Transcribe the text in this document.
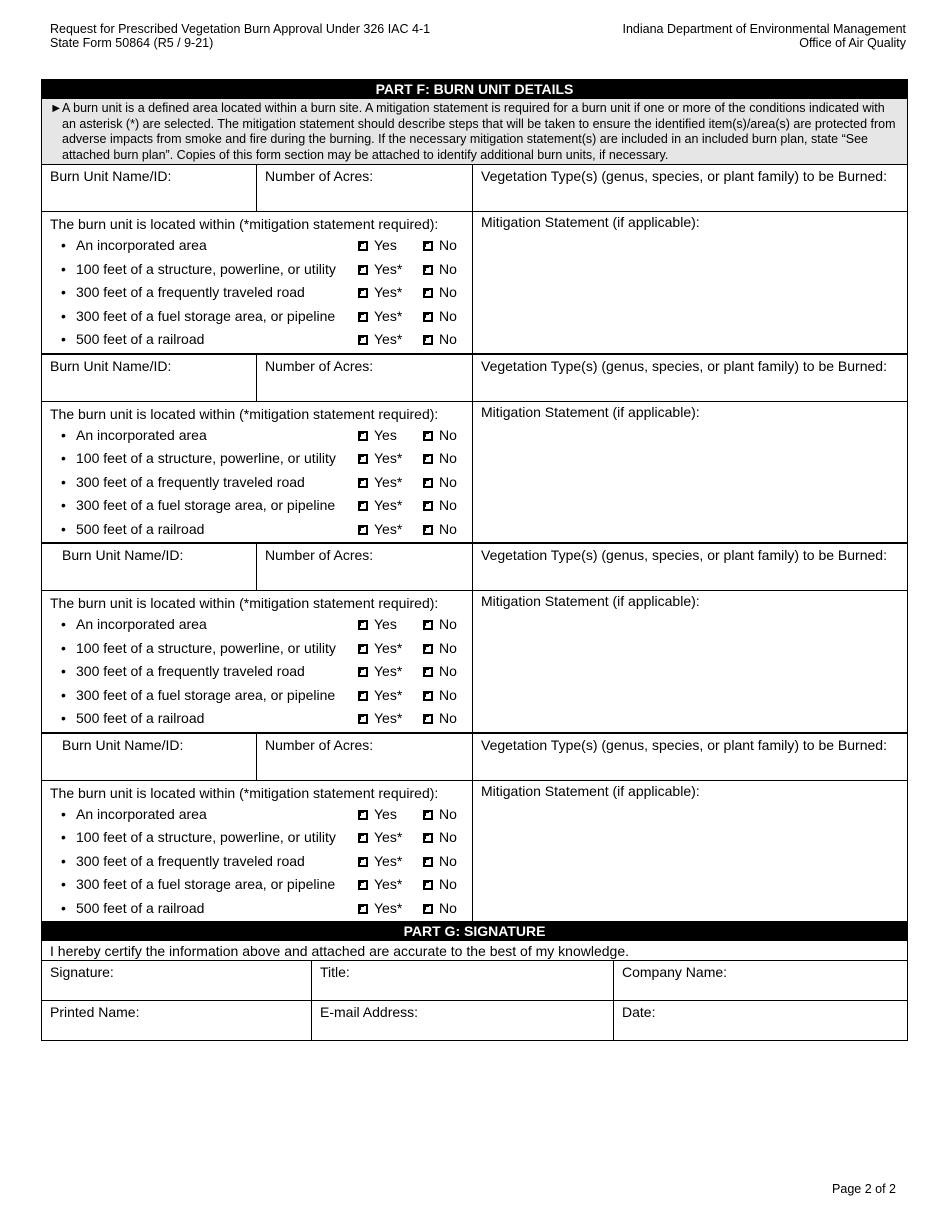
Request for Prescribed Vegetation Burn Approval Under 326 IAC 4-1
State Form 50864 (R5 / 9-21)
Indiana Department of Environmental Management
Office of Air Quality
PART F: BURN UNIT DETAILS
► A burn unit is a defined area located within a burn site. A mitigation statement is required for a burn unit if one or more of the conditions indicated with an asterisk (*) are selected. The mitigation statement should describe steps that will be taken to ensure the identified item(s)/area(s) are protected from adverse impacts from smoke and fire during the burning. If the necessary mitigation statement(s) are included in an included burn plan, state “See attached burn plan”. Copies of this form section may be attached to identify additional burn units, if necessary.
Burn Unit Name/ID:	Number of Acres:	Vegetation Type(s) (genus, species, or plant family) to be Burned:
The burn unit is located within (*mitigation statement required):
• An incorporated area	Yes	No
• 100 feet of a structure, powerline, or utility	Yes*	No
• 300 feet of a frequently traveled road	Yes*	No
• 300 feet of a fuel storage area, or pipeline	Yes*	No
• 500 feet of a railroad	Yes*	No
Mitigation Statement (if applicable):
Burn Unit Name/ID:	Number of Acres:	Vegetation Type(s) (genus, species, or plant family) to be Burned:
The burn unit is located within (*mitigation statement required):
• An incorporated area	Yes	No
• 100 feet of a structure, powerline, or utility	Yes*	No
• 300 feet of a frequently traveled road	Yes*	No
• 300 feet of a fuel storage area, or pipeline	Yes*	No
• 500 feet of a railroad	Yes*	No
Mitigation Statement (if applicable):
Burn Unit Name/ID:	Number of Acres:	Vegetation Type(s) (genus, species, or plant family) to be Burned:
The burn unit is located within (*mitigation statement required):
• An incorporated area	Yes	No
• 100 feet of a structure, powerline, or utility	Yes*	No
• 300 feet of a frequently traveled road	Yes*	No
• 300 feet of a fuel storage area, or pipeline	Yes*	No
• 500 feet of a railroad	Yes*	No
Mitigation Statement (if applicable):
Burn Unit Name/ID:	Number of Acres:	Vegetation Type(s) (genus, species, or plant family) to be Burned:
The burn unit is located within (*mitigation statement required):
• An incorporated area	Yes	No
• 100 feet of a structure, powerline, or utility	Yes*	No
• 300 feet of a frequently traveled road	Yes*	No
• 300 feet of a fuel storage area, or pipeline	Yes*	No
• 500 feet of a railroad	Yes*	No
Mitigation Statement (if applicable):
PART G: SIGNATURE
I hereby certify the information above and attached are accurate to the best of my knowledge.
Signature:	Title:	Company Name:
Printed Name:	E-mail Address:	Date:
Page 2 of 2
